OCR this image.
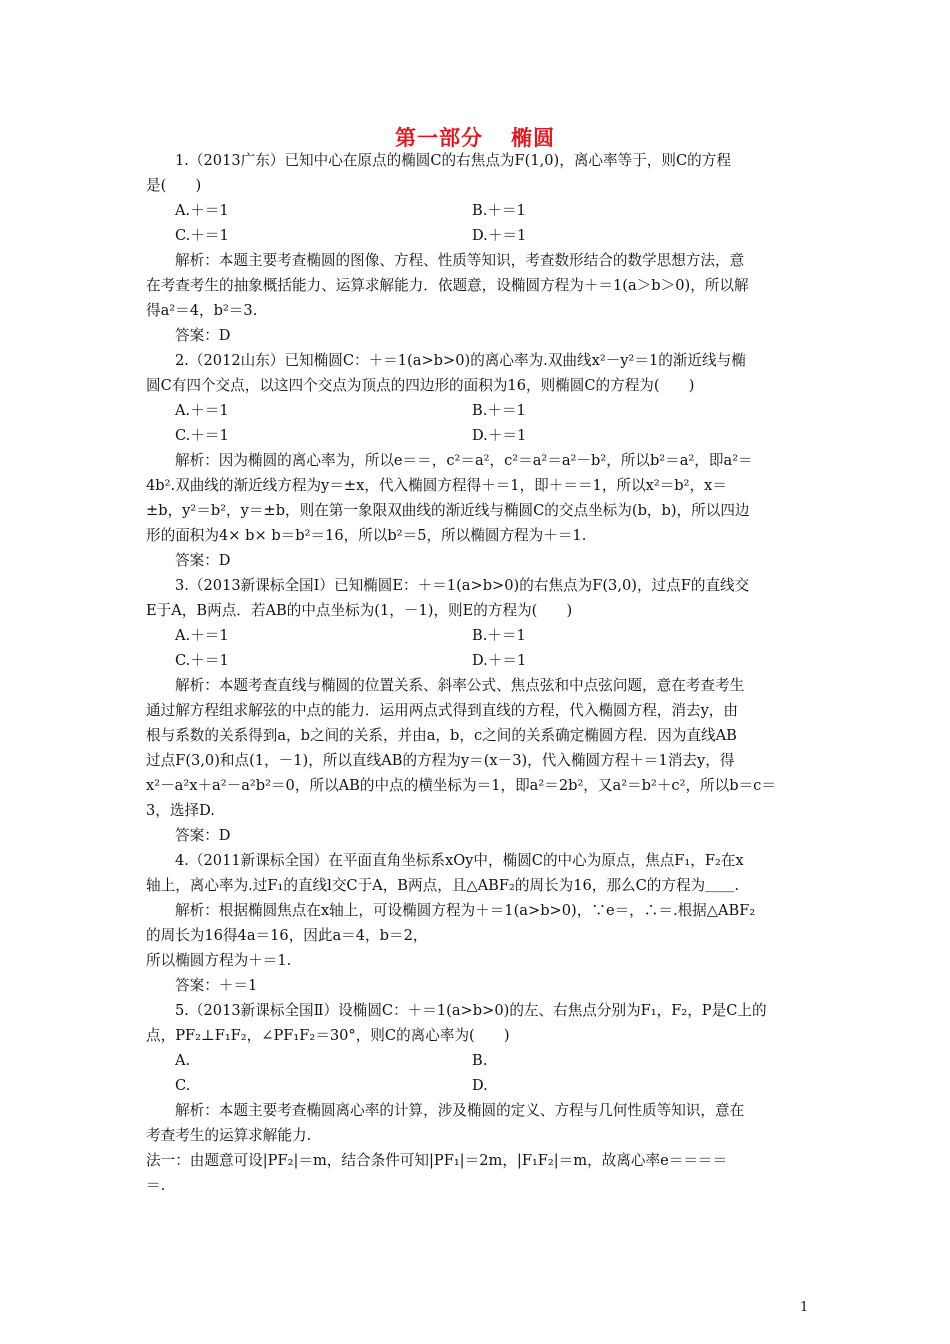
第一部分 椭圆

1.（2013广东）已知中心在原点的椭圆C的右焦点为F(1,0)，离心率等于，则C的方程
是(　　)

A.＋＝1	B.＋＝1
C.＋＝1	D.＋＝1

解析：本题主要考查椭圆的图像、方程、性质等知识，考查数形结合的数学思想方法，意
在考查考生的抽象概括能力、运算求解能力．依题意，设椭圆方程为＋＝1(a＞b＞0)，所以解
得a²＝4，b²＝3.

答案：D

2.（2012山东）已知椭圆C：＋＝1(a>b>0)的离心率为.双曲线x²－y²＝1的渐近线与椭
圆C有四个交点，以这四个交点为顶点的四边形的面积为16，则椭圆C的方程为(　　)

A.＋＝1	B.＋＝1
C.＋＝1	D.＋＝1

解析：因为椭圆的离心率为，所以e＝＝，c²＝a²，c²＝a²＝a²－b²，所以b²＝a²，即a²＝
4b².双曲线的渐近线方程为y＝±x，代入椭圆方程得＋＝1，即＋＝＝1，所以x²＝b²，x＝
±b，y²＝b²，y＝±b，则在第一象限双曲线的渐近线与椭圆C的交点坐标为(b，b)，所以四边
形的面积为4× b× b＝b²＝16，所以b²＝5，所以椭圆方程为＋＝1.

答案：D

3.（2013新课标全国Ⅰ）已知椭圆E：＋＝1(a>b>0)的右焦点为F(3,0)，过点F的直线交
E于A，B两点．若AB的中点坐标为(1，－1)，则E的方程为(　　)

A.＋＝1	B.＋＝1
C.＋＝1	D.＋＝1

解析：本题考查直线与椭圆的位置关系、斜率公式、焦点弦和中点弦问题，意在考查考生
通过解方程组求解弦的中点的能力．运用两点式得到直线的方程，代入椭圆方程，消去y，由
根与系数的关系得到a，b之间的关系，并由a，b，c之间的关系确定椭圆方程．因为直线AB
过点F(3,0)和点(1，－1)，所以直线AB的方程为y＝(x－3)，代入椭圆方程＋＝1消去y，得
x²－a²x＋a²－a²b²＝0，所以AB的中点的横坐标为＝1，即a²＝2b²，又a²＝b²＋c²，所以b＝c＝
3，选择D.

答案：D

4.（2011新课标全国）在平面直角坐标系xOy中，椭圆C的中心为原点，焦点F₁，F₂在x
轴上，离心率为.过F₁的直线l交C于A，B两点，且△ABF₂的周长为16，那么C的方程为＿＿.

解析：根据椭圆焦点在x轴上，可设椭圆方程为＋＝1(a>b>0)，∵e＝，∴＝.根据△ABF₂
的周长为16得4a＝16，因此a＝4，b＝2，
所以椭圆方程为＋＝1.

答案：＋＝1

5.（2013新课标全国Ⅱ）设椭圆C：＋＝1(a>b>0)的左、右焦点分别为F₁，F₂，P是C上的
点，PF₂⊥F₁F₂，∠PF₁F₂＝30°，则C的离心率为(　　)

A.	B.
C.	D.

解析：本题主要考查椭圆离心率的计算，涉及椭圆的定义、方程与几何性质等知识，意在
考查考生的运算求解能力.
法一：由题意可设|PF₂|＝m，结合条件可知|PF₁|＝2m，|F₁F₂|＝m，故离心率e＝＝＝＝
＝.

1
